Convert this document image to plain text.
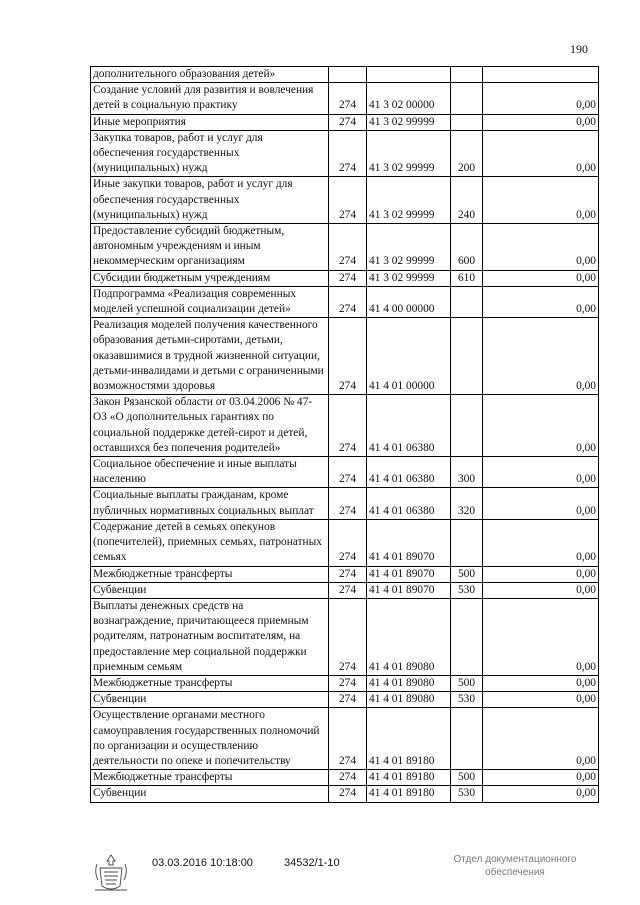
190
дополнительного образования детей»				
Создание условий для развития и вовлечения детей в социальную практику	274	41 3 02 00000		0,00
Иные мероприятия	274	41 3 02 99999		0,00
Закупка товаров, работ и услуг для обеспечения государственных (муниципальных) нужд	274	41 3 02 99999	200	0,00
Иные закупки товаров, работ и услуг для обеспечения государственных (муниципальных) нужд	274	41 3 02 99999	240	0,00
Предоставление субсидий бюджетным, автономным учреждениям и иным некоммерческим организациям	274	41 3 02 99999	600	0,00
Субсидии бюджетным учреждениям	274	41 3 02 99999	610	0,00
Подпрограмма «Реализация современных моделей успешной социализации детей»	274	41 4 00 00000		0,00
Реализация моделей получения качественного образования детьми-сиротами, детьми, оказавшимися в трудной жизненной ситуации, детьми-инвалидами и детьми с ограниченными возможностями здоровья	274	41 4 01 00000		0,00
Закон Рязанской области от 03.04.2006 № 47-ОЗ «О дополнительных гарантиях по социальной поддержке детей-сирот и детей, оставшихся без попечения родителей»	274	41 4 01 06380		0,00
Социальное обеспечение и иные выплаты населению	274	41 4 01 06380	300	0,00
Социальные выплаты гражданам, кроме публичных нормативных социальных выплат	274	41 4 01 06380	320	0,00
Содержание детей в семьях опекунов (попечителей), приемных семьях, патронатных семьях	274	41 4 01 89070		0,00
Межбюджетные трансферты	274	41 4 01 89070	500	0,00
Субвенции	274	41 4 01 89070	530	0,00
Выплаты денежных средств на вознаграждение, причитающееся приемным родителям, патронатным воспитателям, на предоставление мер социальной поддержки приемным семьям	274	41 4 01 89080		0,00
Межбюджетные трансферты	274	41 4 01 89080	500	0,00
Субвенции	274	41 4 01 89080	530	0,00
Осуществление органами местного самоуправления государственных полномочий по организации и осуществлению деятельности по опеке и попечительству	274	41 4 01 89180		0,00
Межбюджетные трансферты	274	41 4 01 89180	500	0,00
Субвенции	274	41 4 01 89180	530	0,00
03.03.2016 10:18:00	34532/1-10	Отдел документационного
обеспечения
